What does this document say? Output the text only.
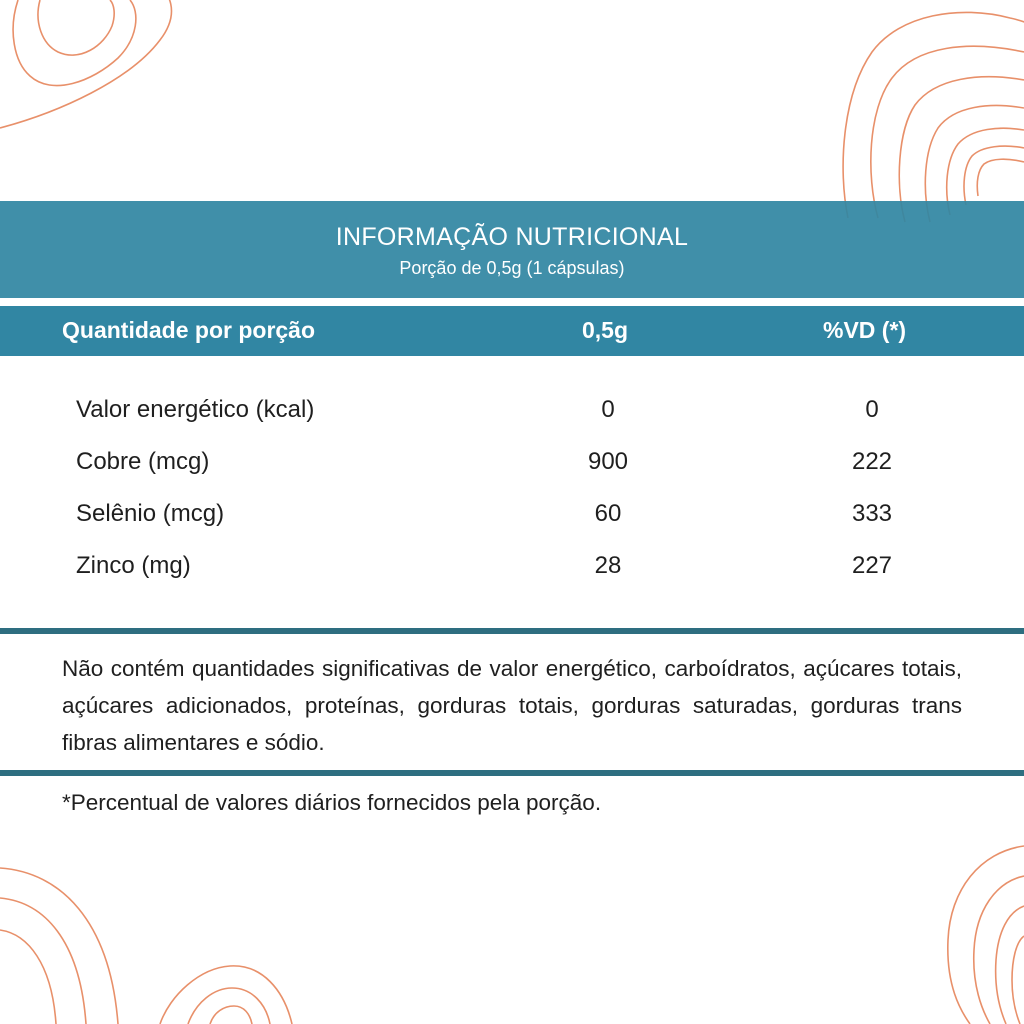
INFORMAÇÃO NUTRICIONAL
Porção de 0,5g (1 cápsulas)
Quantidade por porção	0,5g	%VD (*)
Valor energético (kcal)	0	0
Cobre (mcg)	900	222
Selênio (mcg)	60	333
Zinco (mg)	28	227
Não contém quantidades significativas de valor energético, carboídratos, açúcares totais, açúcares adicionados, proteínas, gorduras totais, gorduras saturadas, gorduras trans fibras alimentares e sódio.
*Percentual de valores diários fornecidos pela porção.
